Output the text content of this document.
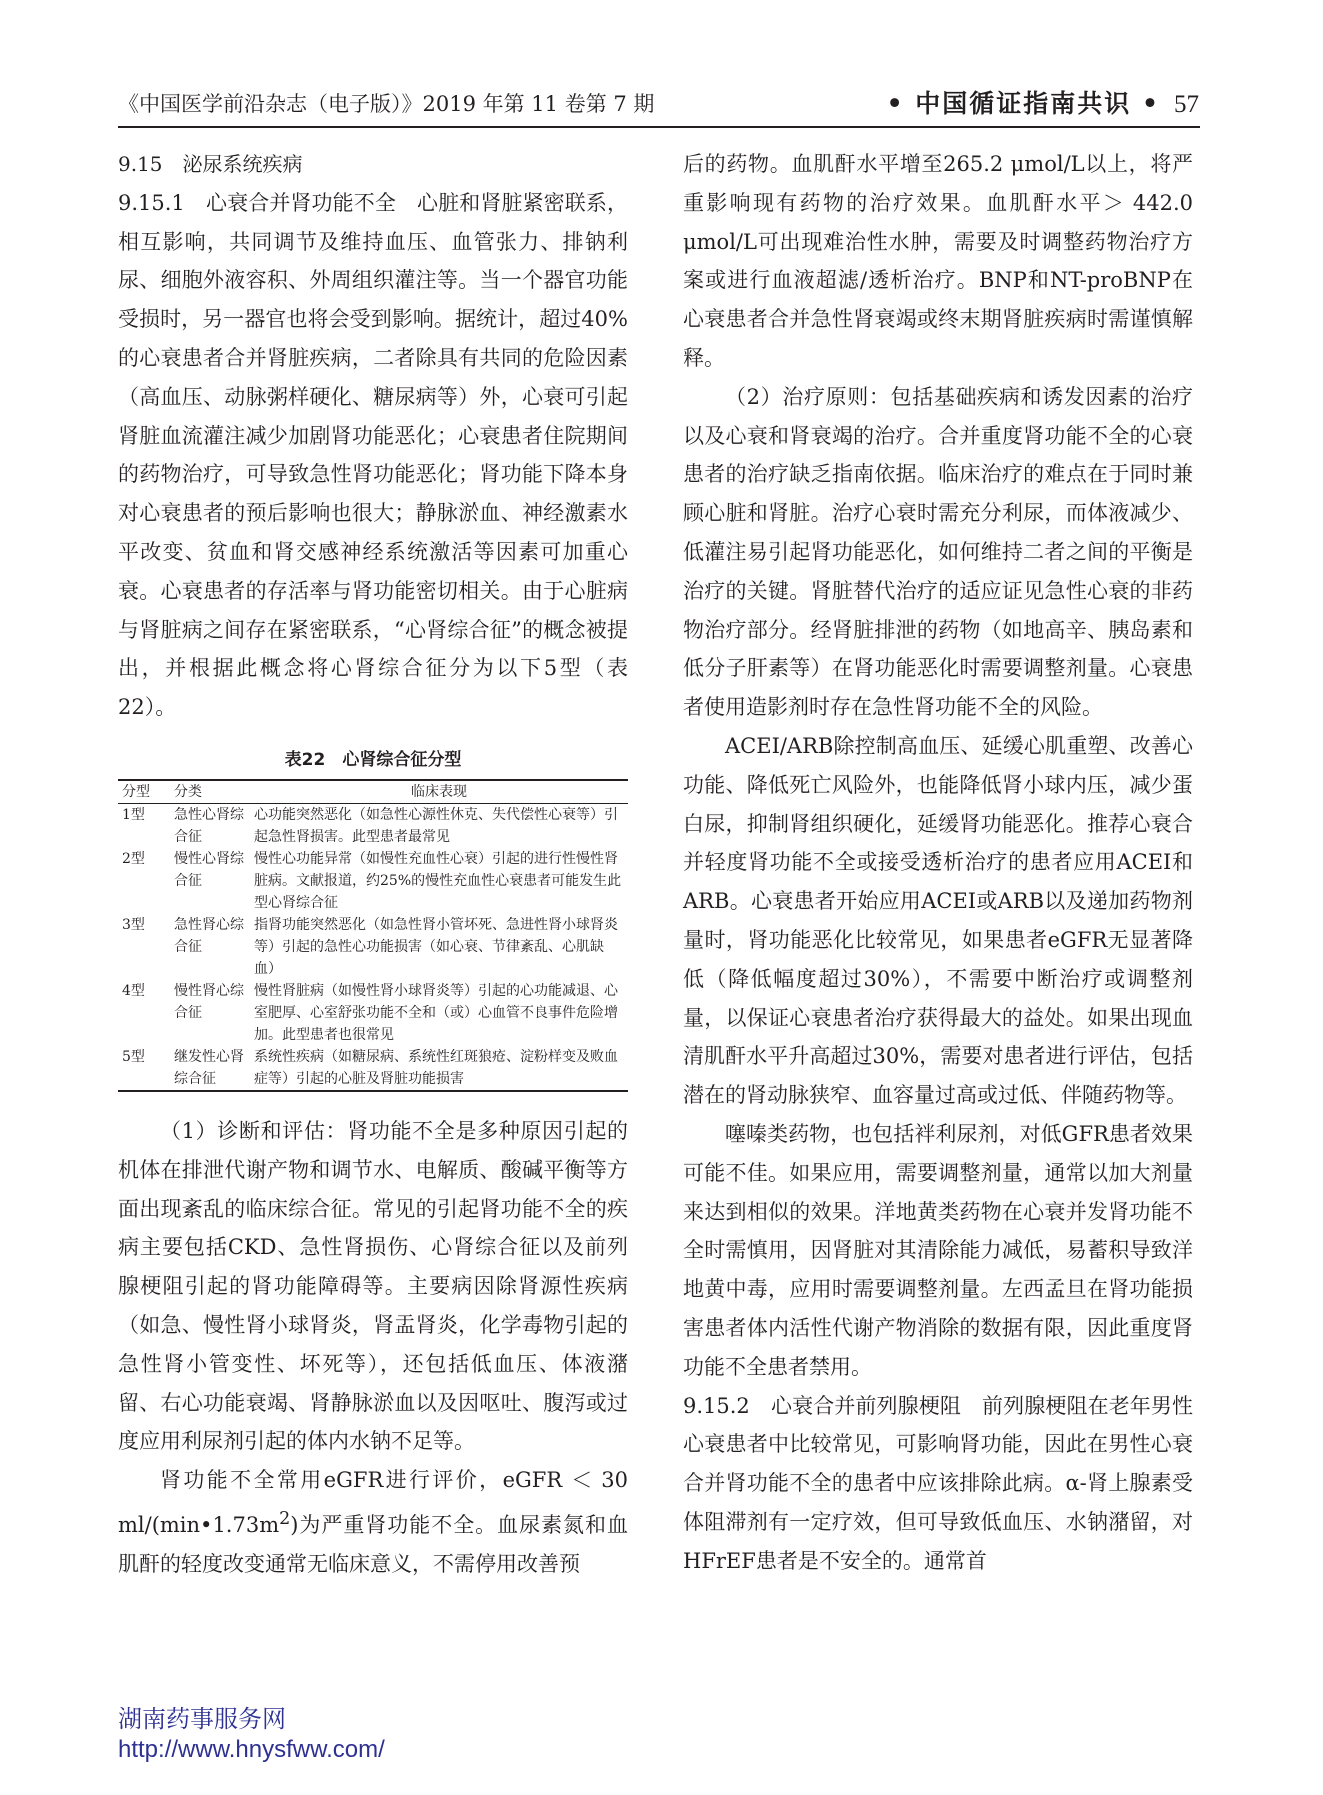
《中国医学前沿杂志（电子版）》2019 年第 11 卷第 7 期	• 中国循证指南共识 • 57

9.15　泌尿系统疾病

9.15.1　心衰合并肾功能不全　心脏和肾脏紧密联系，相互影响，共同调节及维持血压、血管张力、排钠利尿、细胞外液容积、外周组织灌注等。当一个器官功能受损时，另一器官也将会受到影响。据统计，超过40%的心衰患者合并肾脏疾病，二者除具有共同的危险因素（高血压、动脉粥样硬化、糖尿病等）外，心衰可引起肾脏血流灌注减少加剧肾功能恶化；心衰患者住院期间的药物治疗，可导致急性肾功能恶化；肾功能下降本身对心衰患者的预后影响也很大；静脉淤血、神经激素水平改变、贫血和肾交感神经系统激活等因素可加重心衰。心衰患者的存活率与肾功能密切相关。由于心脏病与肾脏病之间存在紧密联系，“心肾综合征”的概念被提出，并根据此概念将心肾综合征分为以下5型（表22）。

表22　心肾综合征分型
分型	分类	临床表现
1型	急性心肾综合征	心功能突然恶化（如急性心源性休克、失代偿性心衰等）引起急性肾损害。此型患者最常见
2型	慢性心肾综合征	慢性心功能异常（如慢性充血性心衰）引起的进行性慢性肾脏病。文献报道，约25%的慢性充血性心衰患者可能发生此型心肾综合征
3型	急性肾心综合征	指肾功能突然恶化（如急性肾小管坏死、急进性肾小球肾炎等）引起的急性心功能损害（如心衰、节律紊乱、心肌缺血）
4型	慢性肾心综合征	慢性肾脏病（如慢性肾小球肾炎等）引起的心功能减退、心室肥厚、心室舒张功能不全和（或）心血管不良事件危险增加。此型患者也很常见
5型	继发性心肾综合征	系统性疾病（如糖尿病、系统性红斑狼疮、淀粉样变及败血症等）引起的心脏及肾脏功能损害

（1）诊断和评估：肾功能不全是多种原因引起的机体在排泄代谢产物和调节水、电解质、酸碱平衡等方面出现紊乱的临床综合征。常见的引起肾功能不全的疾病主要包括CKD、急性肾损伤、心肾综合征以及前列腺梗阻引起的肾功能障碍等。主要病因除肾源性疾病（如急、慢性肾小球肾炎，肾盂肾炎，化学毒物引起的急性肾小管变性、坏死等），还包括低血压、体液潴留、右心功能衰竭、肾静脉淤血以及因呕吐、腹泻或过度应用利尿剂引起的体内水钠不足等。

肾功能不全常用eGFR进行评价，eGFR ＜ 30 $ml/(\min•1.73m^2)$为严重肾功能不全。血尿素氮和血肌酐的轻度改变通常无临床意义，不需停用改善预

后的药物。血肌酐水平增至265.2 μmol/L以上，将严重影响现有药物的治疗效果。血肌酐水平＞ 442.0 μmol/L可出现难治性水肿，需要及时调整药物治疗方案或进行血液超滤/透析治疗。BNP和NT-proBNP在心衰患者合并急性肾衰竭或终末期肾脏疾病时需谨慎解释。

（2）治疗原则：包括基础疾病和诱发因素的治疗以及心衰和肾衰竭的治疗。合并重度肾功能不全的心衰患者的治疗缺乏指南依据。临床治疗的难点在于同时兼顾心脏和肾脏。治疗心衰时需充分利尿，而体液减少、低灌注易引起肾功能恶化，如何维持二者之间的平衡是治疗的关键。肾脏替代治疗的适应证见急性心衰的非药物治疗部分。经肾脏排泄的药物（如地高辛、胰岛素和低分子肝素等）在肾功能恶化时需要调整剂量。心衰患者使用造影剂时存在急性肾功能不全的风险。

ACEI/ARB除控制高血压、延缓心肌重塑、改善心功能、降低死亡风险外，也能降低肾小球内压，减少蛋白尿，抑制肾组织硬化，延缓肾功能恶化。推荐心衰合并轻度肾功能不全或接受透析治疗的患者应用ACEI和ARB。心衰患者开始应用ACEI或ARB以及递加药物剂量时，肾功能恶化比较常见，如果患者eGFR无显著降低（降低幅度超过30%），不需要中断治疗或调整剂量，以保证心衰患者治疗获得最大的益处。如果出现血清肌酐水平升高超过30%，需要对患者进行评估，包括潜在的肾动脉狭窄、血容量过高或过低、伴随药物等。

噻嗪类药物，也包括袢利尿剂，对低GFR患者效果可能不佳。如果应用，需要调整剂量，通常以加大剂量来达到相似的效果。洋地黄类药物在心衰并发肾功能不全时需慎用，因肾脏对其清除能力减低，易蓄积导致洋地黄中毒，应用时需要调整剂量。左西孟旦在肾功能损害患者体内活性代谢产物消除的数据有限，因此重度肾功能不全患者禁用。

9.15.2　心衰合并前列腺梗阻　前列腺梗阻在老年男性心衰患者中比较常见，可影响肾功能，因此在男性心衰合并肾功能不全的患者中应该排除此病。α-肾上腺素受体阻滞剂有一定疗效，但可导致低血压、水钠潴留，对HFrEF患者是不安全的。通常首

湖南药事服务网
http://www.hnysfww.com/
